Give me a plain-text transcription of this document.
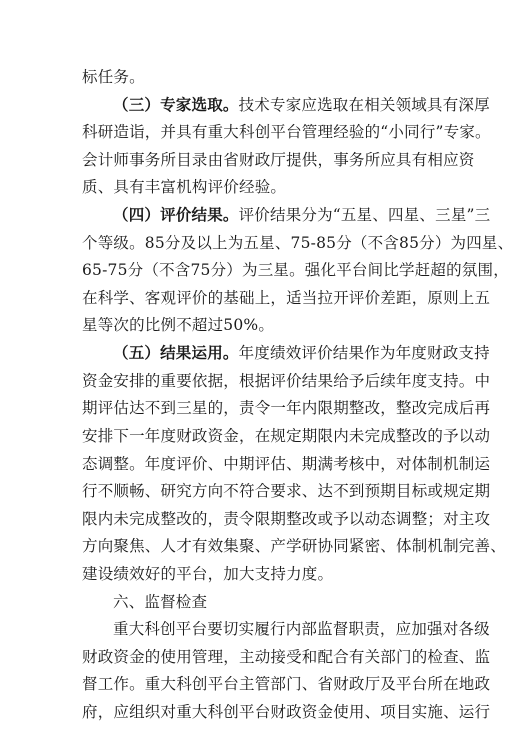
标任务。
（三）专家选取。技术专家应选取在相关领域具有深厚
科研造诣，并具有重大科创平台管理经验的“小同行”专家。
会计师事务所目录由省财政厅提供，事务所应具有相应资
质、具有丰富机构评价经验。
（四）评价结果。评价结果分为“五星、四星、三星”三
个等级。85分及以上为五星、75-85分（不含85分）为四星、
65-75分（不含75分）为三星。强化平台间比学赶超的氛围，
在科学、客观评价的基础上，适当拉开评价差距，原则上五
星等次的比例不超过50%。
（五）结果运用。年度绩效评价结果作为年度财政支持
资金安排的重要依据，根据评价结果给予后续年度支持。中
期评估达不到三星的，责令一年内限期整改，整改完成后再
安排下一年度财政资金，在规定期限内未完成整改的予以动
态调整。年度评价、中期评估、期满考核中，对体制机制运
行不顺畅、研究方向不符合要求、达不到预期目标或规定期
限内未完成整改的，责令限期整改或予以动态调整；对主攻
方向聚焦、人才有效集聚、产学研协同紧密、体制机制完善、
建设绩效好的平台，加大支持力度。
六、监督检查
重大科创平台要切实履行内部监督职责，应加强对各级
财政资金的使用管理，主动接受和配合有关部门的检查、监
督工作。重大科创平台主管部门、省财政厅及平台所在地政
府，应组织对重大科创平台财政资金使用、项目实施、运行
